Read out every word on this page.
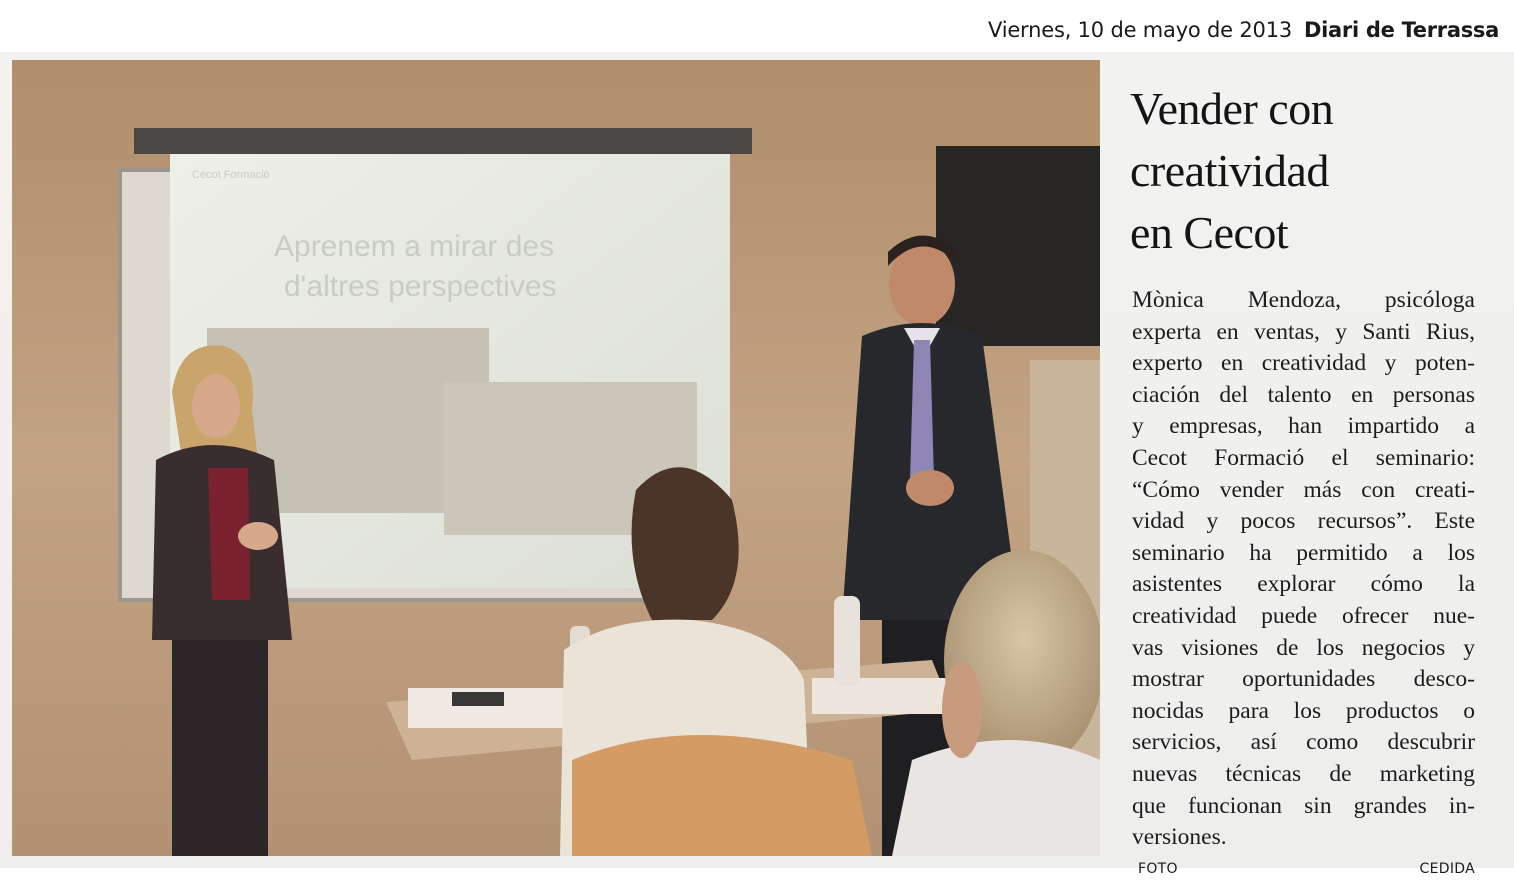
Viernes, 10 de mayo de 2013 Diari de Terrassa
Aprenem a mirar des
d'altres perspectives
Cecot Formació
Vender con
creatividad
en Cecot
Mònica Mendoza, psicóloga
experta en ventas, y Santi Rius,
experto en creatividad y poten-
ciación del talento en personas
y empresas, han impartido a
Cecot Formació el seminario:
“Cómo vender más con creati-
vidad y pocos recursos”. Este
seminario ha permitido a los
asistentes explorar cómo la
creatividad puede ofrecer nue-
vas visiones de los negocios y
mostrar oportunidades desco-
nocidas para los productos o
servicios, así como descubrir
nuevas técnicas de marketing
que funcionan sin grandes in-
versiones.
FOTO CEDIDA
